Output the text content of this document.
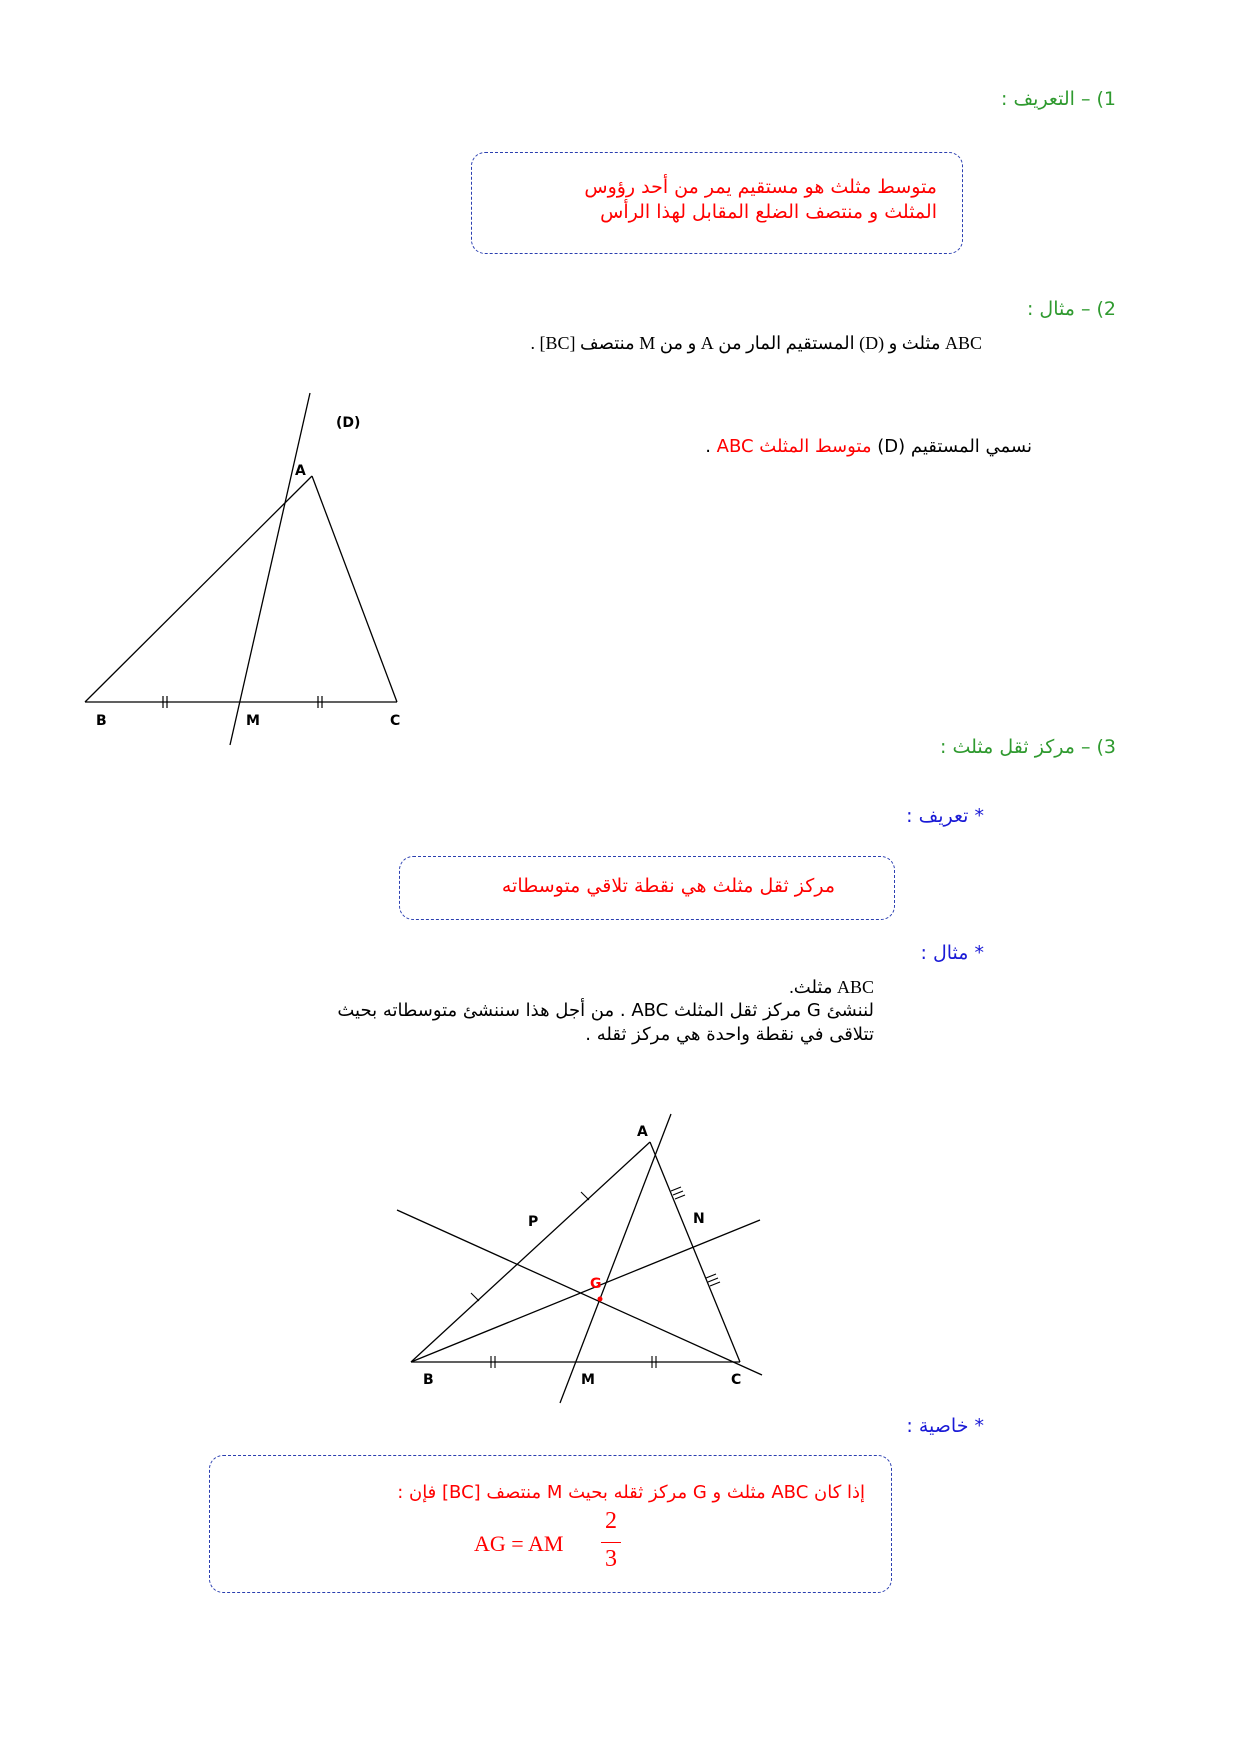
1) – التعريف :
متوسط مثلث هو مستقيم يمر من أحد رؤوس
المثلث و منتصف الضلع المقابل لهذا الرأس
2) – مثال :
ABC مثلث و (D) المستقيم المار من A و من M منتصف [BC] .
نسمي المستقيم (D) متوسط المثلث ABC .
(D)
A
B	M	C
3) – مركز ثقل مثلث :
* تعريف :
مركز ثقل مثلث هي نقطة تلاقي متوسطاته
* مثال :
ABC مثلث.
لننشئ G مركز ثقل المثلث ABC . من أجل هذا سننشئ متوسطاته بحيث
تتلاقى في نقطة واحدة هي مركز ثقله .
A
B	C
M
N
P
G
* خاصية :
إذا كان ABC مثلث و G مركز ثقله بحيث M منتصف [BC] فإن :
AG = AM
2
3
